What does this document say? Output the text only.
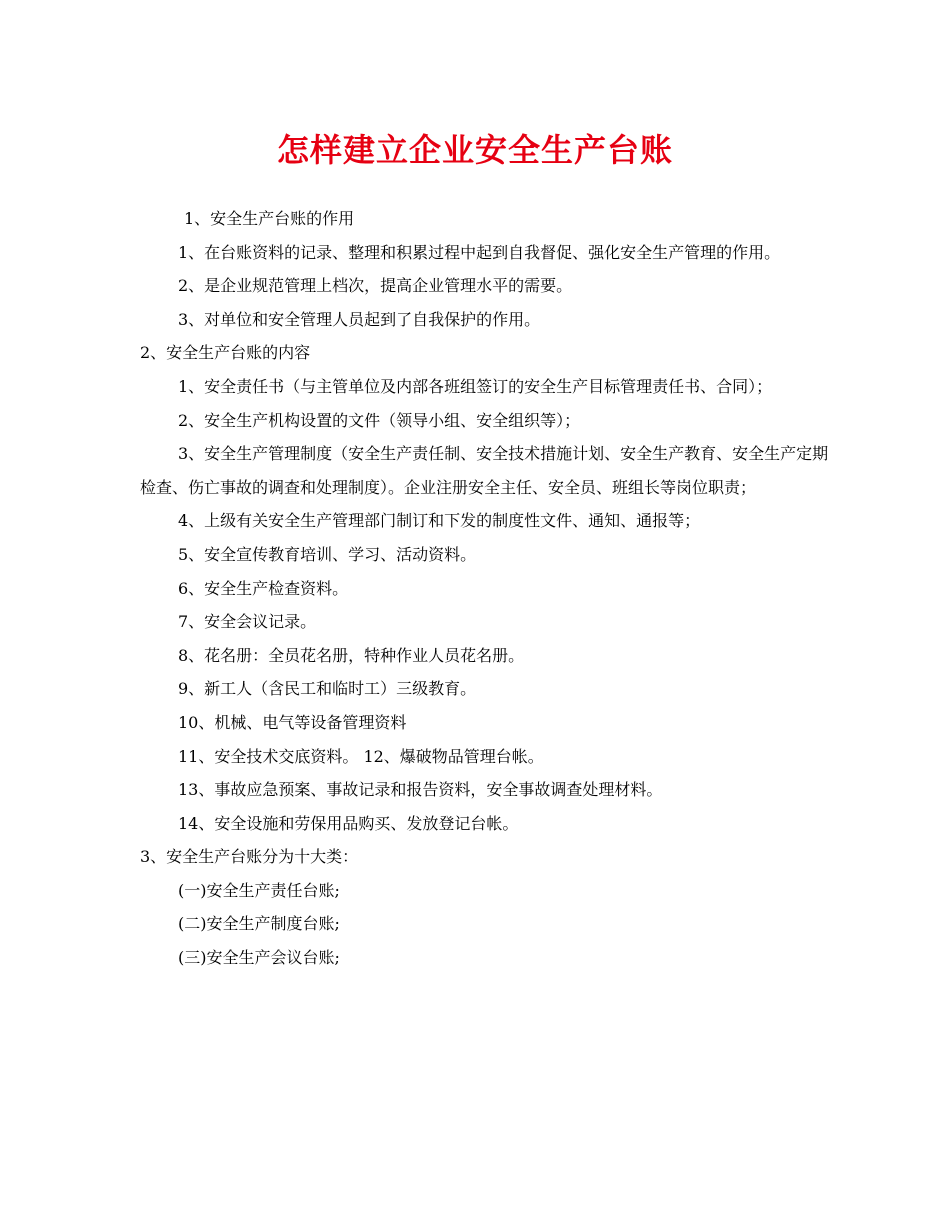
怎样建立企业安全生产台账

1、安全生产台账的作用

1、在台账资料的记录、整理和积累过程中起到自我督促、强化安全生产管理的作用。

2、是企业规范管理上档次，提高企业管理水平的需要。

3、对单位和安全管理人员起到了自我保护的作用。

2、安全生产台账的内容

1、安全责任书（与主管单位及内部各班组签订的安全生产目标管理责任书、合同）；

2、安全生产机构设置的文件（领导小组、安全组织等）；

3、安全生产管理制度（安全生产责任制、安全技术措施计划、安全生产教育、安全生产定期检查、伤亡事故的调查和处理制度）。企业注册安全主任、安全员、班组长等岗位职责；

4、上级有关安全生产管理部门制订和下发的制度性文件、通知、通报等；

5、安全宣传教育培训、学习、活动资料。

6、安全生产检查资料。

7、安全会议记录。

8、花名册：全员花名册，特种作业人员花名册。

9、新工人（含民工和临时工）三级教育。

10、机械、电气等设备管理资料

11、安全技术交底资料。 12、爆破物品管理台帐。

13、事故应急预案、事故记录和报告资料，安全事故调查处理材料。

14、安全设施和劳保用品购买、发放登记台帐。

3、安全生产台账分为十大类：

(一)安全生产责任台账;

(二)安全生产制度台账;

(三)安全生产会议台账;
